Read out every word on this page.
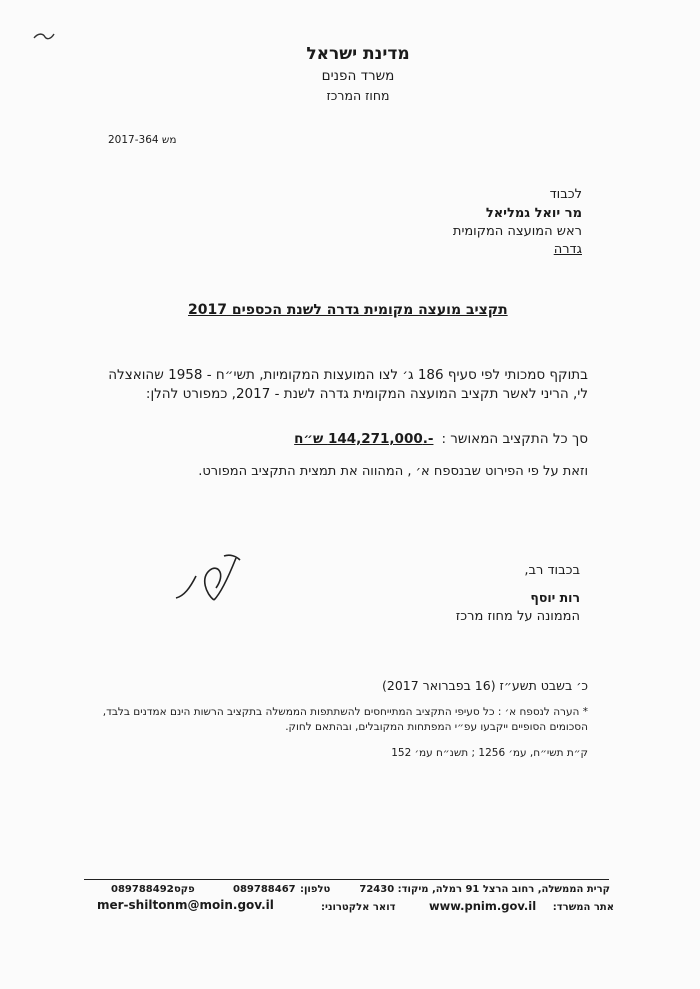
מדינת ישראל
משרד הפנים
מחוז המרכז
מש 2017-364
לכבוד
מר יואל גמליאל
ראש המועצה המקומית
גדרה
תקציב מועצה מקומית גדרה לשנת הכספים 2017
בתוקף סמכותי לפי סעיף 186 ג׳ לצו המועצות המקומיות, תשי״ח - 1958 שהואצלה לי, הריני לאשר תקציב המועצה המקומית גדרה לשנת - 2017, כמפורט להלן:
סך כל התקציב המאושר :
-.144,271,000 ש״ח
וזאת על פי הפירוט שבנספח א׳ , המהווה את תמצית התקציב המפורט.
בכבוד רב,
רות יוסף
הממונה על מחוז מרכז
כ׳ בשבט תשע״ז (16 בפברואר 2017)
* הערה לנספח א׳ : כל סעיפי התקציב המתייחסים להשתתפות הממשלה בתקציב הרשות הינם אמדנים בלבד, הסכומים הסופיים ייקבעו עפ״י המפתחות המקובלים, ובהתאם לחוק.
ק״ת תשי״ח, עמ׳ 1256 ; תשנ״ח עמ׳ 152
קרית הממשלה, רחוב הרצל 91 רמלה, מיקוד: 72430
טלפון:
089788467
פקס:
089788492
אתר המשרד:
www.pnim.gov.il
דואר אלקטרוני:
mer-shiltonm@moin.gov.il
